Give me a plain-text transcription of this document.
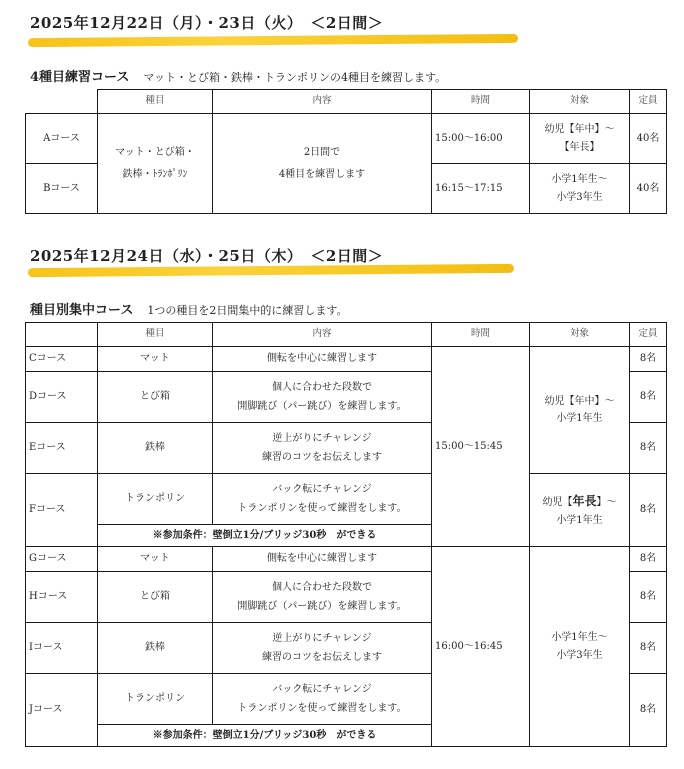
2025年12月22日（月）・23日（火）　＜2日間＞
4種目練習コース マット・とび箱・鉄棒・トランポリンの4種目を練習します。
	種目	内容	時間	対象	定員
Aコース	マット・とび箱・
鉄棒・ﾄﾗﾝﾎﾟﾘﾝ	2日間で
4種目を練習します	15:00～16:00	幼児【年中】～
【年長】	40名
Bコース			16:15～17:15	小学1年生～
小学3年生	40名
2025年12月24日（水）・25日（木）　＜2日間＞
種目別集中コース 1つの種目を2日間集中的に練習します。
	種目	内容	時間	対象	定員
Cコース	マット	側転を中心に練習します	15:00～15:45	幼児【年中】～
小学1年生	8名
Dコース	とび箱	個人に合わせた段数で
開脚跳び（パー跳び）を練習します。			8名
Eコース	鉄棒	逆上がりにチャレンジ
練習のコツをお伝えします			8名
Fコース	トランポリン	バック転にチャレンジ
トランポリンを使って練習をします。		幼児【年長】～
小学1年生	8名
	※参加条件：壁倒立1分/ブリッジ30秒　ができる				
Gコース	マット	側転を中心に練習します	16:00～16:45	小学1年生～
小学3年生	8名
Hコース	とび箱	個人に合わせた段数で
開脚跳び（パー跳び）を練習します。			8名
Iコース	鉄棒	逆上がりにチャレンジ
練習のコツをお伝えします			8名
Jコース	トランポリン	バック転にチャレンジ
トランポリンを使って練習をします。			8名
	※参加条件：壁倒立1分/ブリッジ30秒　ができる				
